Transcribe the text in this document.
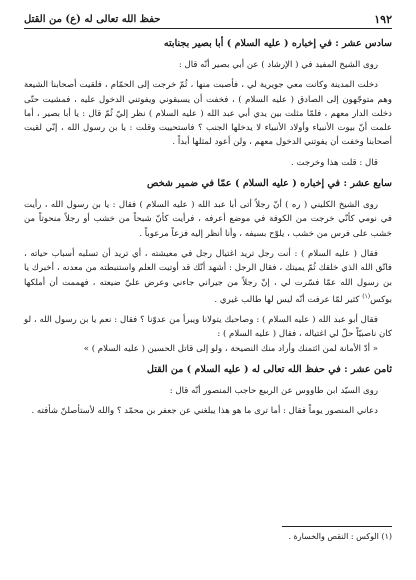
١٩٢
حفظ الله تعالى له (ع) من القتل

سادس عشر : في إخباره ( عليه السلام ) أبا بصير بجنابته

روى الشيخ المفيد في ( الإرشاد ) عن أبي بصير أنّه قال :

دخلت المدينة وكانت معي جويرية لي ، فأصبت منها ، ثُمّ خرجت إلى الحمّام ، فلقيت أصحابنا الشيعة وهم متوجّهون إلى الصادق ( عليه السلام ) ، فخفت أن يسبقوني ويفوتني الدخول عليه ، فمشيت حتّى دخلت الدار معهم ، فلمّا مثلت بين يدي أبي عبد الله ( عليه السلام ) نظر إليّ ثُمّ قال : يا أبا بصير ، أما علمت أنّ بيوت الأنبياء وأولاد الأنبياء لا يدخلها الجنب ؟ فاستحييت وقلت : يا بن رسول الله ، إنّي لقيت أصحابنا وخفت أن يفوتني الدخول معهم ، ولن أعود لمثلها أبداً .

قال : قلت هذا وخرجت .

سابع عشر : في إخباره ( عليه السلام ) عمّا في ضمير شخص

روى الشيخ الكليني ( ره ) أنّ رجلاً أتى أبا عبد الله ( عليه السلام ) فقال : يا بن رسول الله ، رأيت في نومي كأنّي خرجت من الكوفة في موضع أعرفه ، فرأيت كأنّ شبحاً من خشب أو رجلاً منحوتاً من خشب على فرس من خشب ، يلوّح بسيفه ، وأنا أنظر إليه فزعاً مرعوباً .

فقال ( عليه السلام ) : أنت رجل تريد اغتيال رجل في معيشته ، أي تريد أن تسلبه أسباب حياته ، فاتّق الله الذي خلقك ثُمّ يميتك ، فقال الرجل : أشهد أنّك قد أوتيت العلم واستنبطته من معدنه ، أخبرك يا بن رسول الله عمّا فسّرت لي ، إنّ رجلاً من جيراني جاءني وعرض عليّ ضيعته ، فهممت أن أملكها بوكس$^{(١)}$ كثير لمّا عرفت أنّه ليس لها طالب غيري .

فقال أبو عبد الله ( عليه السلام ) : وصاحبك يتولانا ويبرأ من عدوّنا ؟ فقال : نعم يا بن رسول الله ، لو كان ناصبيّاً حلّ لي اغتياله ، فقال ( عليه السلام ) :

« أدّ الأمانة لمن ائتمنك وأراد منك النصيحة ، ولو إلى قاتل الحسين ( عليه السلام ) »

ثامن عشر : في حفظ الله تعالى له ( عليه السلام ) من القتل

روى السيّد ابن طاووس عن الربيع حاجب المنصور أنّه قال :

دعاني المنصور يوماً فقال : أما ترى ما هو هذا يبلغني عن جعفر بن محمّد ؟ والله لأستأصلنّ شأفته .

(١) الوكس : النقص والخسارة .
